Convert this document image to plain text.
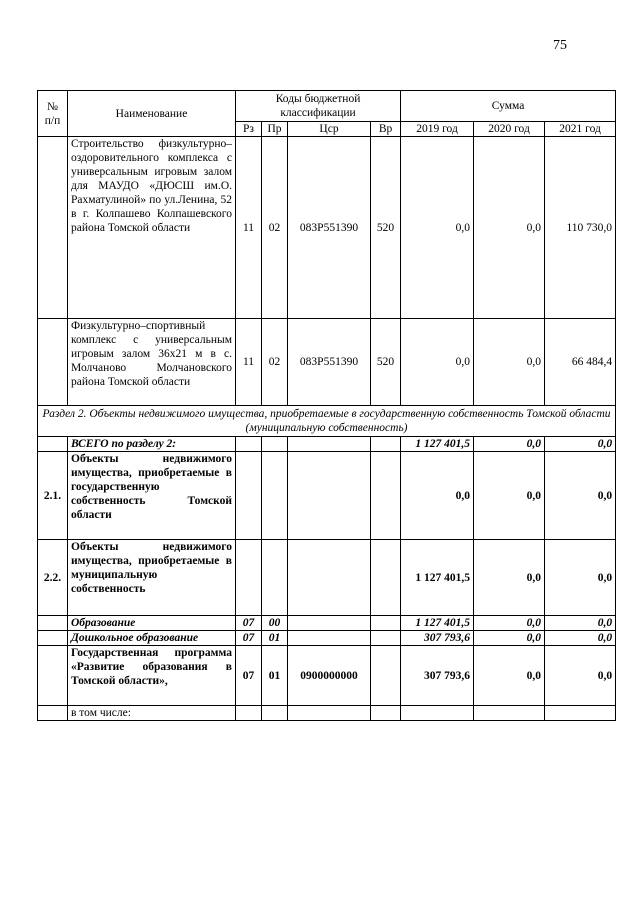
75
№ п/п	Наименование	Коды бюджетной классификации				Сумма		
		Рз	Пр	Цср	Вр	2019 год	2020 год	2021 год
	Строительство физкультурно–оздоровительного комплекса с универсальным игровым залом для МАУДО «ДЮСШ им.О. Рахматулиной» по ул.Ленина, 52 в г. Колпашево Колпашевского района Томской области	11	02	083P551390	520	0,0	0,0	110 730,0
	Физкультурно–спортивный комплекс с универсальным игровым залом 36х21 м в с. Молчаново Молчановского района Томской области	11	02	083P551390	520	0,0	0,0	66 484,4
Раздел 2. Объекты недвижимого имущества, приобретаемые в государственную собственность Томской области (муниципальную собственность)								
	ВСЕГО по разделу 2:					1 127 401,5	0,0	0,0
2.1.	Объекты недвижимого имущества, приобретаемые в государственную собственность Томской области					0,0	0,0	0,0
2.2.	Объекты недвижимого имущества, приобретаемые в муниципальную собственность					1 127 401,5	0,0	0,0
	Образование	07	00			1 127 401,5	0,0	0,0
	Дошкольное образование	07	01			307 793,6	0,0	0,0
	Государственная программа «Развитие образования в Томской области»,	07	01	0900000000		307 793,6	0,0	0,0
	в том числе:							
